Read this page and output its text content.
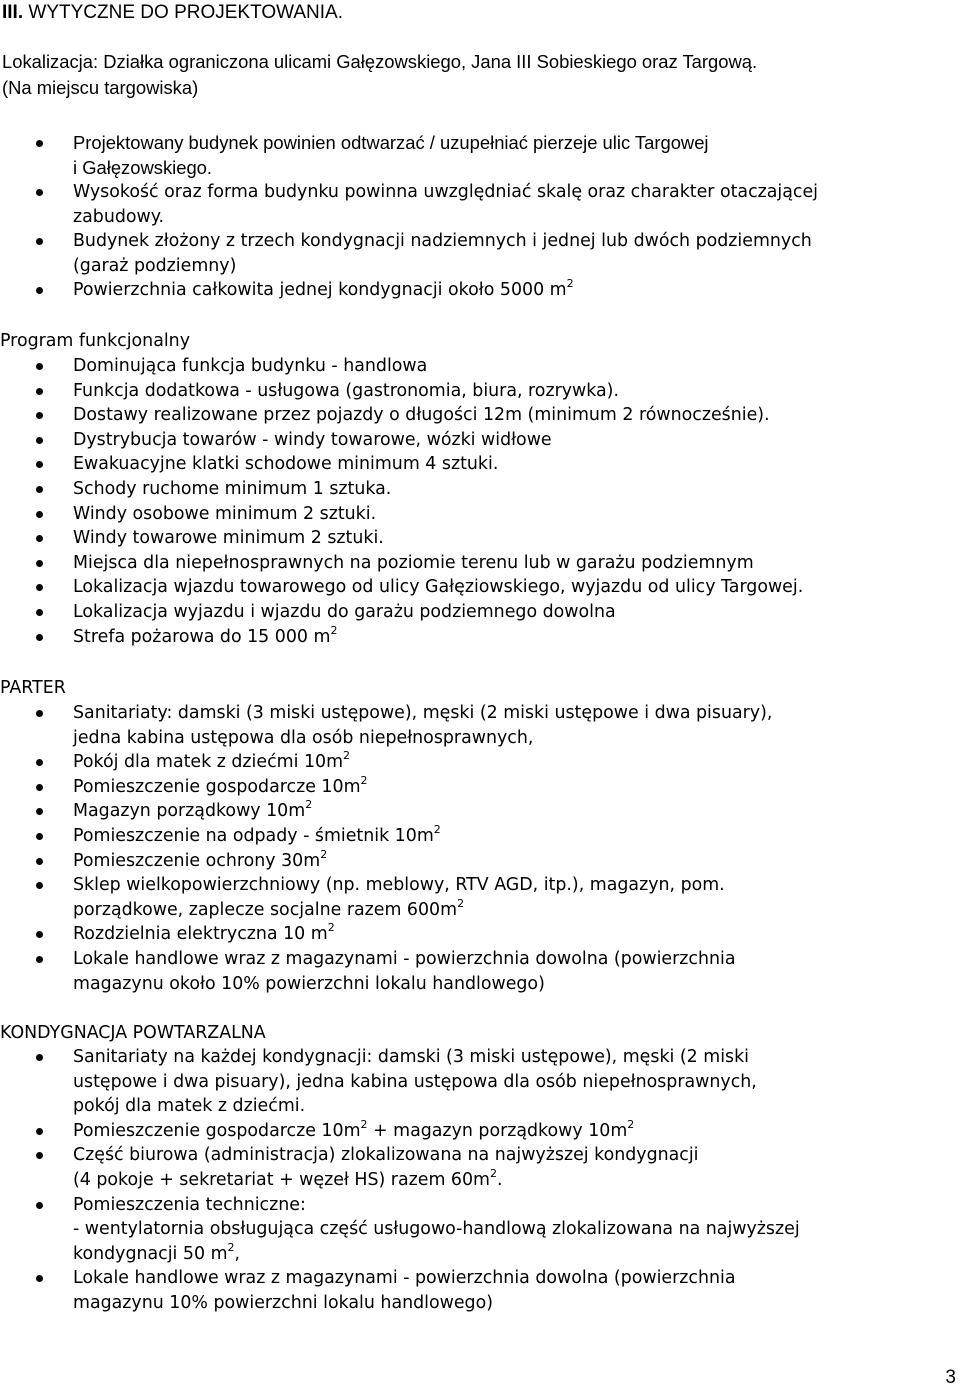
III. WYTYCZNE DO PROJEKTOWANIA.
Lokalizacja: Działka ograniczona ulicami Gałęzowskiego, Jana III Sobieskiego oraz Targową.
(Na miejscu targowiska)
Projektowany budynek powinien odtwarzać / uzupełniać pierzeje ulic Targowej
i Gałęzowskiego.
Wysokość oraz forma budynku powinna uwzględniać skalę oraz charakter otaczającej
zabudowy.
Budynek złożony z trzech kondygnacji nadziemnych i jednej lub dwóch podziemnych
(garaż podziemny)
Powierzchnia całkowita jednej kondygnacji około 5000 $m^2$
Program funkcjonalny
Dominująca funkcja budynku - handlowa
Funkcja dodatkowa - usługowa (gastronomia, biura, rozrywka).
Dostawy realizowane przez pojazdy o długości 12m (minimum 2 równocześnie).
Dystrybucja towarów - windy towarowe, wózki widłowe
Ewakuacyjne klatki schodowe minimum 4 sztuki.
Schody ruchome minimum 1 sztuka.
Windy osobowe minimum 2 sztuki.
Windy towarowe minimum 2 sztuki.
Miejsca dla niepełnosprawnych na poziomie terenu lub w garażu podziemnym
Lokalizacja wjazdu towarowego od ulicy Gałęziowskiego, wyjazdu od ulicy Targowej.
Lokalizacja wyjazdu i wjazdu do garażu podziemnego dowolna
Strefa pożarowa do 15 000 $m^2$
PARTER
Sanitariaty: damski (3 miski ustępowe), męski (2 miski ustępowe i dwa pisuary),
jedna kabina ustępowa dla osób niepełnosprawnych,
Pokój dla matek z dziećmi $10m^2$
Pomieszczenie gospodarcze $10m^2$
Magazyn porządkowy $10m^2$
Pomieszczenie na odpady - śmietnik $10m^2$
Pomieszczenie ochrony $30m^2$
Sklep wielkopowierzchniowy (np. meblowy, RTV AGD, itp.), magazyn, pom.
porządkowe, zaplecze socjalne razem $600m^2$
Rozdzielnia elektryczna 10 $m^2$
Lokale handlowe wraz z magazynami - powierzchnia dowolna (powierzchnia
magazynu około 10% powierzchni lokalu handlowego)
KONDYGNACJA POWTARZALNA
Sanitariaty na każdej kondygnacji: damski (3 miski ustępowe), męski (2 miski
ustępowe i dwa pisuary), jedna kabina ustępowa dla osób niepełnosprawnych,
pokój dla matek z dziećmi.
Pomieszczenie gospodarcze $10m^2$ + magazyn porządkowy $10m^2$
Część biurowa (administracja) zlokalizowana na najwyższej kondygnacji
(4 pokoje + sekretariat + węzeł HS) razem $60m^2$.
Pomieszczenia techniczne:
- wentylatornia obsługująca część usługowo-handlową zlokalizowana na najwyższej
kondygnacji 50 $m^2$,
Lokale handlowe wraz z magazynami - powierzchnia dowolna (powierzchnia
magazynu 10% powierzchni lokalu handlowego)
3
